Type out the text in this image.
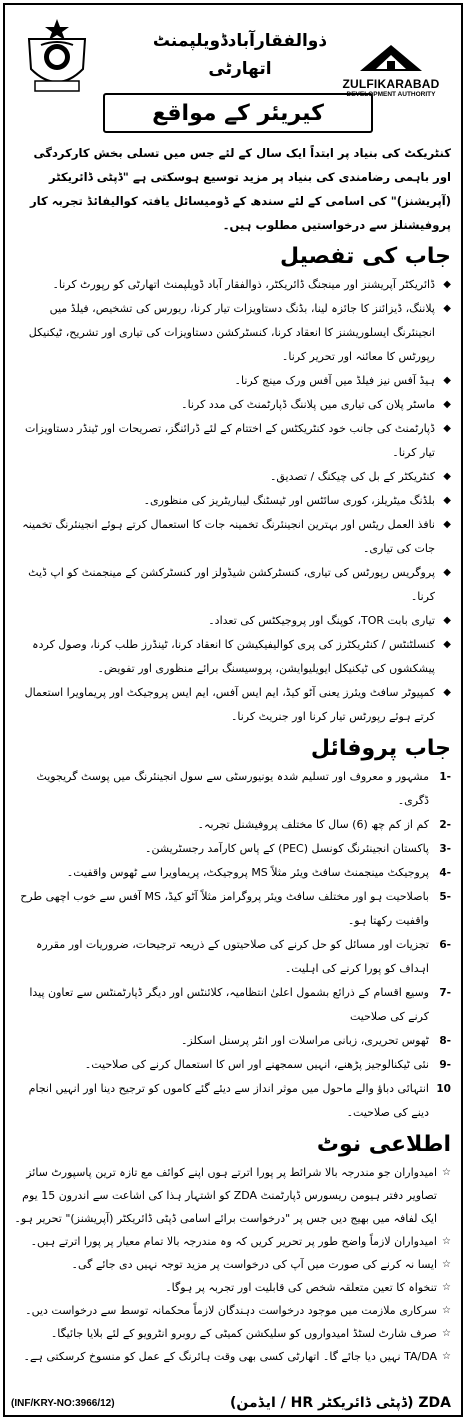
ذوالفقارآبادڈویلپمنٹ
اتھارٹی
ZULFIKARABAD
DEVELOPMENT AUTHORITY
کیریئر کے مواقع
کنٹریکٹ کی بنیاد پر ابتداً ایک سال کے لئے جس میں تسلی بخش کارکردگی اور باہمی رضامندی کی بنیاد پر مزید توسیع ہوسکتی ہے "ڈپٹی ڈائریکٹر (آپریشنز)" کی اسامی کے لئے سندھ کے ڈومیسائل یافتہ کوالیفائڈ تجربہ کار پروفیشنلز سے درخواستیں مطلوب ہیں۔
جاب کی تفصیل
◆
ڈائریکٹر آپریشنز اور مینجنگ ڈائریکٹر، ذوالفقار آباد ڈویلپمنٹ اتھارٹی کو رپورٹ کرنا۔
◆
پلاننگ، ڈیزائنز کا جائزہ لینا، بڈنگ دستاویزات تیار کرنا، ریورس کی تشخیص، فیلڈ میں انجینئرنگ ایسلوریشنز کا انعقاد کرنا، کنسٹرکشن دستاویزات کی تیاری اور تشریح، ٹیکنیکل رپورٹس کا معائنہ اور تحریر کرنا۔
◆
ہیڈ آفس نیز فیلڈ میں آفس ورک مینج کرنا۔
◆
ماسٹر پلان کی تیاری میں پلاننگ ڈپارٹمنٹ کی مدد کرنا۔
◆
ڈپارٹمنٹ کی جانب خود کنٹریکٹس کے اختتام کے لئے ڈرائنگز، تصریحات اور ٹینڈر دستاویزات تیار کرنا۔
◆
کنٹریکٹر کے بل کی چیکنگ / تصدیق۔
◆
بلڈنگ میٹریلز، کوری سائٹس اور ٹیسٹنگ لیباریٹریز کی منظوری۔
◆
نافذ العمل ریٹس اور بہترین انجینئرنگ تخمینہ جات کا استعمال کرتے ہوئے انجینئرنگ تخمینہ جات کی تیاری۔
◆
پروگریس رپورٹس کی تیاری، کنسٹرکشن شیڈولز اور کنسٹرکشن کے مینجمنٹ کو اپ ڈیٹ کرنا۔
◆
تیاری بابت TOR، کوپنگ اور پروجیکٹس کی تعداد۔
◆
کنسلٹنٹس / کنٹریکٹرز کی پری کوالیفیکیشن کا انعقاد کرنا، ٹینڈرز طلب کرنا، وصول کردہ پیشکشوں کی ٹیکنیکل ایویلیوایشن، پروسیسنگ برائے منظوری اور تفویض۔
◆
کمپیوٹر سافٹ ویئرز یعنی آٹو کیڈ، ایم ایس آفس، ایم ایس پروجیکٹ اور پریماویرا استعمال کرتے ہوئے رپورٹس تیار کرنا اور جنریٹ کرنا۔
جاب پروفائل
-1
مشہور و معروف اور تسلیم شدہ یونیورسٹی سے سول انجینئرنگ میں پوسٹ گریجویٹ ڈگری۔
-2
کم از کم چھ (6) سال کا مختلف پروفیشنل تجربہ۔
-3
پاکستان انجینئرنگ کونسل (PEC) کے پاس کارآمد رجسٹریشن۔
-4
پروجیکٹ مینجمنٹ سافٹ ویئر مثلاً MS پروجیکٹ، پریماویرا سے ٹھوس واقفیت۔
-5
باصلاحیت ہو اور مختلف سافٹ ویئر پروگرامز مثلاً آٹو کیڈ، MS آفس سے خوب اچھی طرح واقفیت رکھتا ہو۔
-6
تجزیات اور مسائل کو حل کرنے کی صلاحیتوں کے ذریعہ ترجیحات، ضروریات اور مقررہ اہداف کو پورا کرنے کی اہلیت۔
-7
وسیع اقسام کے ذرائع بشمول اعلیٰ انتظامیہ، کلائنٹس اور دیگر ڈپارٹمنٹس سے تعاون پیدا کرنے کی صلاحیت
-8
ٹھوس تحریری، زبانی مراسلات اور انٹر پرسنل اسکلز۔
-9
نئی ٹیکنالوجیز پڑھنے، انہیں سمجھنے اور اس کا استعمال کرنے کی صلاحیت۔
10
انتہائی دباؤ والے ماحول میں موثر انداز سے دیئے گئے کاموں کو ترجیح دینا اور انہیں انجام دینے کی صلاحیت۔
اطلاعی نوٹ
☆
امیدواران جو مندرجہ بالا شرائط پر پورا اترتے ہوں اپنے کوائف مع تازہ ترین پاسپورٹ سائز تصاویر دفتر ہیومن ریسورس ڈپارٹمنٹ ZDA کو اشتہار ہذا کی اشاعت سے اندرون 15 یوم ایک لفافہ میں بھیج دیں جس پر "درخواست برائے اسامی ڈپٹی ڈائریکٹر (آپریشنز)" تحریر ہو۔
☆
امیدواران لازماً واضح طور پر تحریر کریں کہ وہ مندرجہ بالا تمام معیار پر پورا اترتے ہیں۔
☆
ایسا نہ کرنے کی صورت میں آپ کی درخواست پر مزید توجہ نہیں دی جائے گی۔
☆
تنخواہ کا تعین متعلقہ شخص کی قابلیت اور تجربہ پر ہوگا۔
☆
سرکاری ملازمت میں موجود درخواست دہندگان لازماً محکمانہ توسط سے درخواست دیں۔
☆
صرف شارٹ لسٹڈ امیدواروں کو سلیکشن کمیٹی کے روبرو انٹرویو کے لئے بلایا جائیگا۔
☆
TA/DA نہیں دیا جائے گا۔ اتھارٹی کسی بھی وقت ہائرنگ کے عمل کو منسوخ کرسکتی ہے۔
(INF/KRY-NO:3966/12)	ZDA (ڈپٹی ڈائریکٹر HR / ایڈمن)
